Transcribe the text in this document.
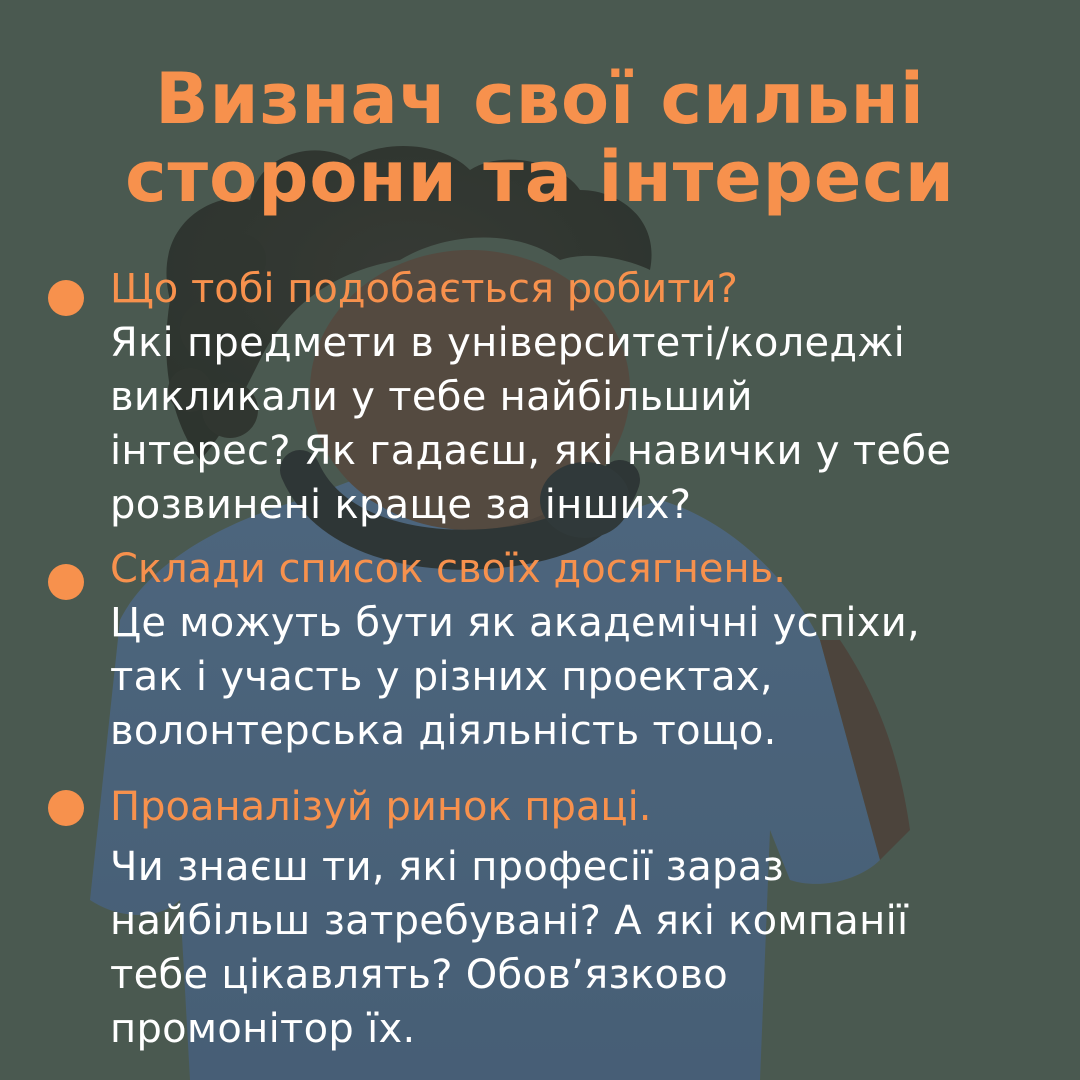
Визнач свої сильні
сторони та інтереси
Що тобі подобається робити?
Які предмети в університеті/коледжі
викликали у тебе найбільший
інтерес? Як гадаєш, які навички у тебе
розвинені краще за інших?
Склади список своїх досягнень.
Це можуть бути як академічні успіхи,
так і участь у різних проектах,
волонтерська діяльність тощо.
Проаналізуй ринок праці.
Чи знаєш ти, які професії зараз
найбільш затребувані? А які компанії
тебе цікавлять? Обов’язково
промонітор їх.
